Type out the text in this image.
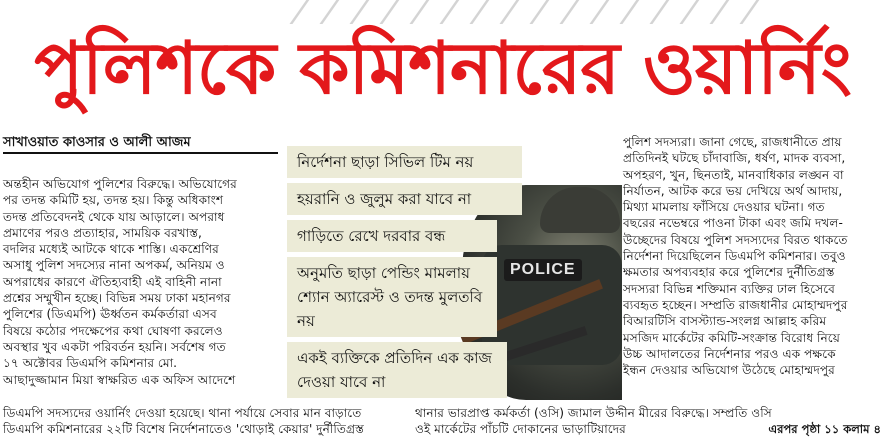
পুলিশকে কমিশনারের ওয়ার্নিং
সাখাওয়াত কাওসার ও আলী আজম

অন্তহীন অভিযোগ পুলিশের বিরুদ্ধে। অভিযোগের

পর তদন্ত কমিটি হয়, তদন্ত হয়। কিন্তু অধিকাংশ

তদন্ত প্রতিবেদনই থেকে যায় আড়ালে। অপরাধ

প্রমাণের পরও প্রত্যাহার, সাময়িক বরখাস্ত,

বদলির মধ্যেই আটকে থাকে শাস্তি। একশ্রেণির

অসাধু পুলিশ সদস্যের নানা অপকর্ম, অনিয়ম ও

অপরাধের কারণে ঐতিহ্যবাহী এই বাহিনী নানা

প্রশ্নের সম্মুখীন হচ্ছে। বিভিন্ন সময় ঢাকা মহানগর

পুলিশের (ডিএমপি) ঊর্ধ্বতন কর্মকর্তারা এসব

বিষয়ে কঠোর পদক্ষেপের কথা ঘোষণা করলেও

অবস্থার খুব একটা পরিবর্তন হয়নি। সর্বশেষ গত

১৭ অক্টোবর ডিএমপি কমিশনার মো.

আছাদুজ্জামান মিয়া স্বাক্ষরিত এক অফিস আদেশে

ডিএমপি সদস্যদের ওয়ার্নিং দেওয়া হয়েছে। থানা পর্যায়ে সেবার মান বাড়াতে
ডিএমপি কমিশনারের ২২টি বিশেষ নির্দেশনাতেও 'থোড়াই কেয়ার' দুর্নীতিগ্রস্ত
POLICE
নির্দেশনা ছাড়া সিভিল টিম নয়
হয়রানি ও জুলুম করা যাবে না
গাড়িতে রেখে দরবার বন্ধ
অনুমতি ছাড়া পেন্ডিং মামলায় শ্যোন অ্যারেস্ট ও তদন্ত মুলতবি নয়
একই ব্যক্তিকে প্রতিদিন এক কাজ দেওয়া যাবে না

পুলিশ সদস্যরা। জানা গেছে, রাজধানীতে প্রায়

প্রতিদিনই ঘটছে চাঁদাবাজি, ধর্ষণ, মাদক ব্যবসা,

অপহরণ, খুন, ছিনতাই, মানবাধিকার লঙ্ঘন বা

নির্যাতন, আটক করে ভয় দেখিয়ে অর্থ আদায়,

মিথ্যা মামলায় ফাঁসিয়ে দেওয়ার ঘটনা। গত

বছরের নভেম্বরে পাওনা টাকা এবং জমি দখল-

উচ্ছেদের বিষয়ে পুলিশ সদস্যদের বিরত থাকতে

নির্দেশনা দিয়েছিলেন ডিএমপি কমিশনার। তবুও

ক্ষমতার অপব্যবহার করে পুলিশের দুর্নীতিগ্রস্ত

সদস্যরা বিভিন্ন শক্তিমান ব্যক্তির ঢাল হিসেবে

ব্যবহৃত হচ্ছেন। সম্প্রতি রাজধানীর মোহাম্মদপুর

বিআরটিসি বাসস্ট্যান্ড-সংলগ্ন আল্লাহ করিম

মসজিদ মার্কেটের কমিটি-সংক্রান্ত বিরোধ নিয়ে

উচ্চ আদালতের নির্দেশনার পরও এক পক্ষকে

ইন্ধন দেওয়ার অভিযোগ উঠেছে মোহাম্মদপুর

থানার ভারপ্রাপ্ত কর্মকর্তা (ওসি) জামাল উদ্দীন মীরের বিরুদ্ধে। সম্প্রতি ওসি
ওই মার্কেটের পাঁচটি দোকানের ভাড়াটিয়াদের	এরপর পৃষ্ঠা ১১ কলাম ৪
